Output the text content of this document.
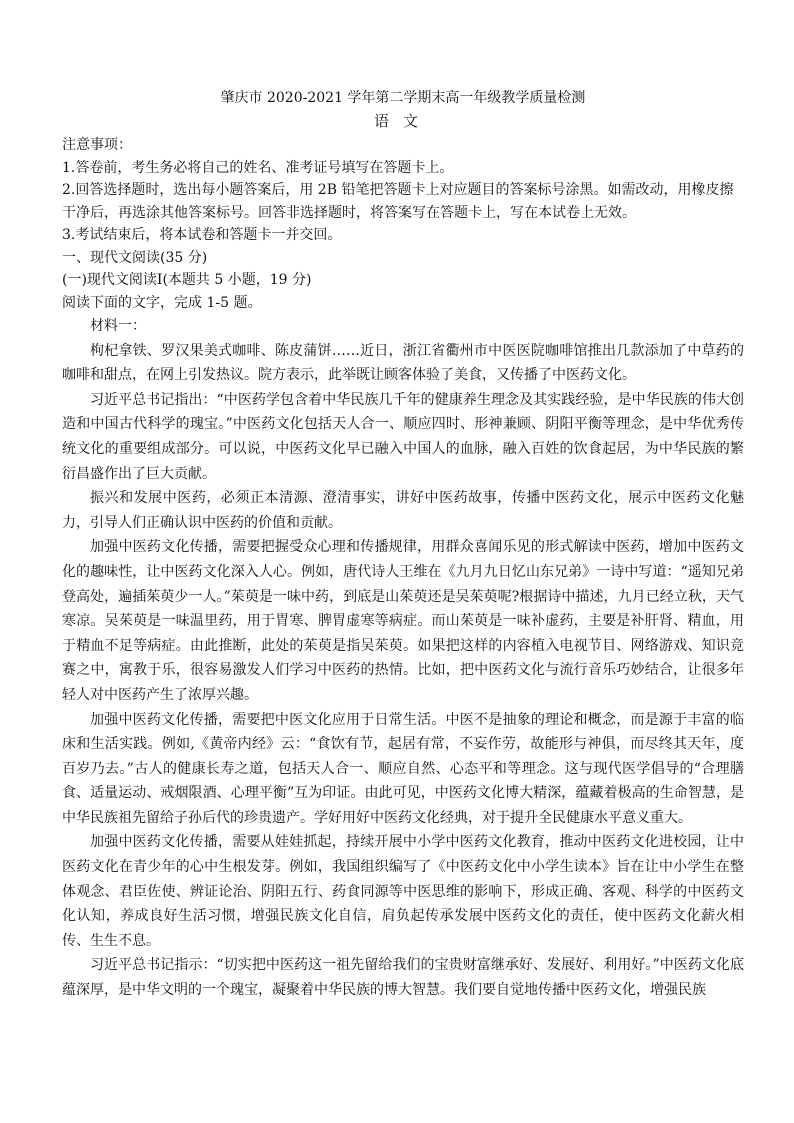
肇庆市 2020-2021 学年第二学期末高一年级教学质量检测

语文

注意事项：

1.答卷前，考生务必将自己的姓名、准考证号填写在答题卡上。

2.回答选择题时，选出每小题答案后，用 2B 铅笔把答题卡上对应题目的答案标号涂黑。如需改动，用橡皮擦干净后，再选涂其他答案标号。回答非选择题时，将答案写在答题卡上，写在本试卷上无效。

3.考试结束后，将本试卷和答题卡一并交回。

一、现代文阅读(35 分)

(一)现代文阅读Ⅰ(本题共 5 小题，19 分)

阅读下面的文字，完成 1-5 题。

材料一：

枸杞拿铁、罗汉果美式咖啡、陈皮蒲饼……近日，浙江省衢州市中医医院咖啡馆推出几款添加了中草药的咖啡和甜点，在网上引发热议。院方表示，此举既让顾客体验了美食，又传播了中医药文化。

习近平总书记指出：“中医药学包含着中华民族几千年的健康养生理念及其实践经验，是中华民族的伟大创造和中国古代科学的瑰宝。”中医药文化包括天人合一、顺应四时、形神兼顾、阴阳平衡等理念，是中华优秀传统文化的重要组成部分。可以说，中医药文化早已融入中国人的血脉，融入百姓的饮食起居，为中华民族的繁衍昌盛作出了巨大贡献。

振兴和发展中医药，必须正本清源、澄清事实，讲好中医药故事，传播中医药文化，展示中医药文化魅力，引导人们正确认识中医药的价值和贡献。

加强中医药文化传播，需要把握受众心理和传播规律，用群众喜闻乐见的形式解读中医药，增加中医药文化的趣味性，让中医药文化深入人心。例如，唐代诗人王维在《九月九日忆山东兄弟》一诗中写道：“遥知兄弟登高处，遍插茱萸少一人。”茱萸是一味中药，到底是山茱萸还是吴茱萸呢?根据诗中描述，九月已经立秋，天气寒凉。吴茱萸是一味温里药，用于胃寒、脾胃虚寒等病症。而山茱萸是一味补虚药，主要是补肝肾、精血，用于精血不足等病症。由此推断，此处的茱萸是指吴茱萸。如果把这样的内容植入电视节目、网络游戏、知识竞赛之中，寓教于乐，很容易激发人们学习中医药的热情。比如，把中医药文化与流行音乐巧妙结合，让很多年轻人对中医药产生了浓厚兴趣。

加强中医药文化传播，需要把中医文化应用于日常生活。中医不是抽象的理论和概念，而是源于丰富的临床和生活实践。例如,《黄帝内经》云：“食饮有节，起居有常，不妄作劳，故能形与神俱，而尽终其天年，度百岁乃去。”古人的健康长寿之道，包括天人合一、顺应自然、心态平和等理念。这与现代医学倡导的“合理膳食、适量运动、戒烟限酒、心理平衡”互为印证。由此可见，中医药文化博大精深，蕴藏着极高的生命智慧，是中华民族祖先留给子孙后代的珍贵遗产。学好用好中医药文化经典，对于提升全民健康水平意义重大。

加强中医药文化传播，需要从娃娃抓起，持续开展中小学中医药文化教育，推动中医药文化进校园，让中医药文化在青少年的心中生根发芽。例如，我国组织编写了《中医药文化中小学生读本》旨在让中小学生在整体观念、君臣佐使、辨证论治、阴阳五行、药食同源等中医思维的影响下，形成正确、客观、科学的中医药文化认知，养成良好生活习惯，增强民族文化自信，肩负起传承发展中医药文化的责任，使中医药文化薪火相传、生生不息。

习近平总书记指示：“切实把中医药这一祖先留给我们的宝贵财富继承好、发展好、利用好。”中医药文化底蕴深厚，是中华文明的一个瑰宝，凝聚着中华民族的博大智慧。我们要自觉地传播中医药文化，增强民族
